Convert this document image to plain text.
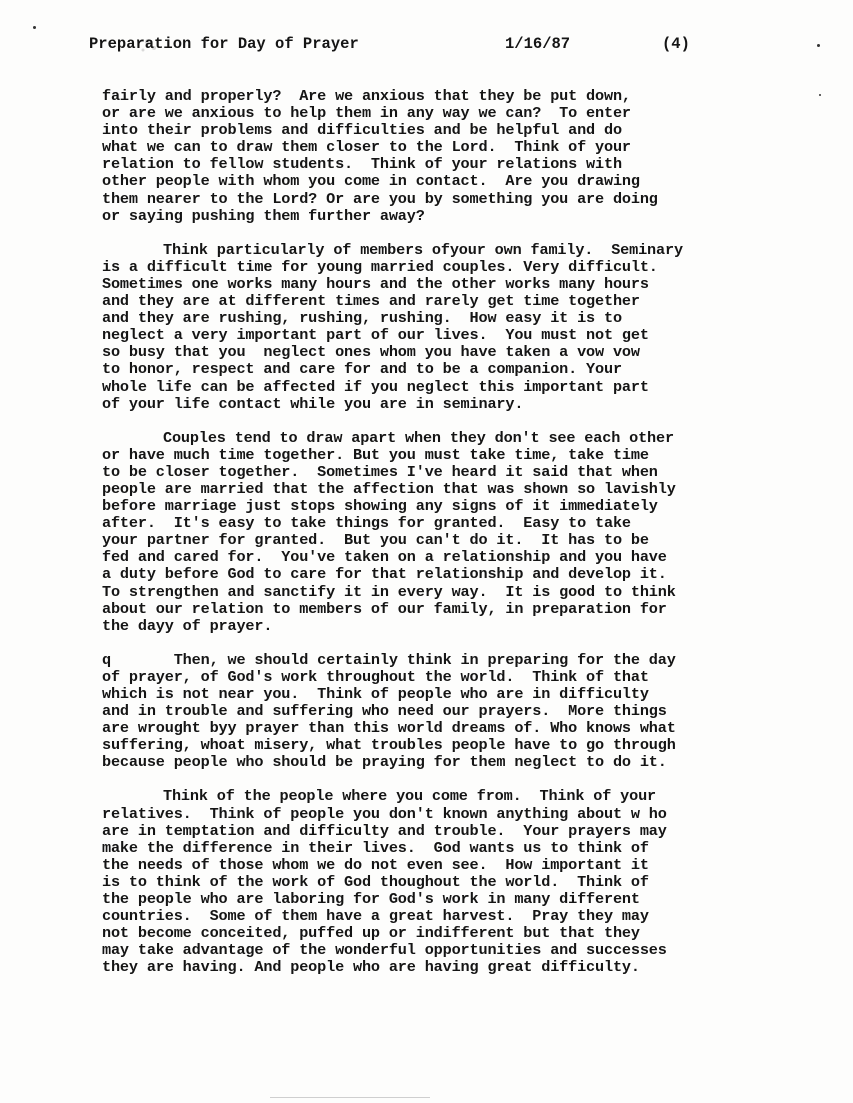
Preparation for Day of Prayer

	1/16/87

	(4)

fairly and properly?  Are we anxious that they be put down,
or are we anxious to help them in any way we can?  To enter
into their problems and difficulties and be helpful and do
what we can to draw them closer to the Lord.  Think of your
relation to fellow students.  Think of your relations with
other people with whom you come in contact.  Are you drawing
them nearer to the Lord? Or are you by something you are doing
or saying pushing them further away?
Think particularly of members ofyour own family.  Seminary
is a difficult time for young married couples. Very difficult.
Sometimes one works many hours and the other works many hours
and they are at different times and rarely get time together
and they are rushing, rushing, rushing.  How easy it is to
neglect a very important part of our lives.  You must not get
so busy that you  neglect ones whom you have taken a vow vow
to honor, respect and care for and to be a companion. Your
whole life can be affected if you neglect this important part
of your life contact while you are in seminary.
Couples tend to draw apart when they don't see each other
or have much time together. But you must take time, take time
to be closer together.  Sometimes I've heard it said that when
people are married that the affection that was shown so lavishly
before marriage just stops showing any signs of it immediately
after.  It's easy to take things for granted.  Easy to take
your partner for granted.  But you can't do it.  It has to be
fed and cared for.  You've taken on a relationship and you have
a duty before God to care for that relationship and develop it.
To strengthen and sanctify it in every way.  It is good to think
about our relation to members of our family, in preparation for
the dayy of prayer.
q       Then, we should certainly think in preparing for the day
of prayer, of God's work throughout the world.  Think of that
which is not near you.  Think of people who are in difficulty
and in trouble and suffering who need our prayers.  More things
are wrought byy prayer than this world dreams of. Who knows what
suffering, whoat misery, what troubles people have to go through
because people who should be praying for them neglect to do it.
Think of the people where you come from.  Think of your
relatives.  Think of people you don't known anything about w ho
are in temptation and difficulty and trouble.  Your prayers may
make the difference in their lives.  God wants us to think of
the needs of those whom we do not even see.  How important it
is to think of the work of God thoughout the world.  Think of
the people who are laboring for God's work in many different
countries.  Some of them have a great harvest.  Pray they may
not become conceited, puffed up or indifferent but that they
may take advantage of the wonderful opportunities and successes
they are having. And people who are having great difficulty.
